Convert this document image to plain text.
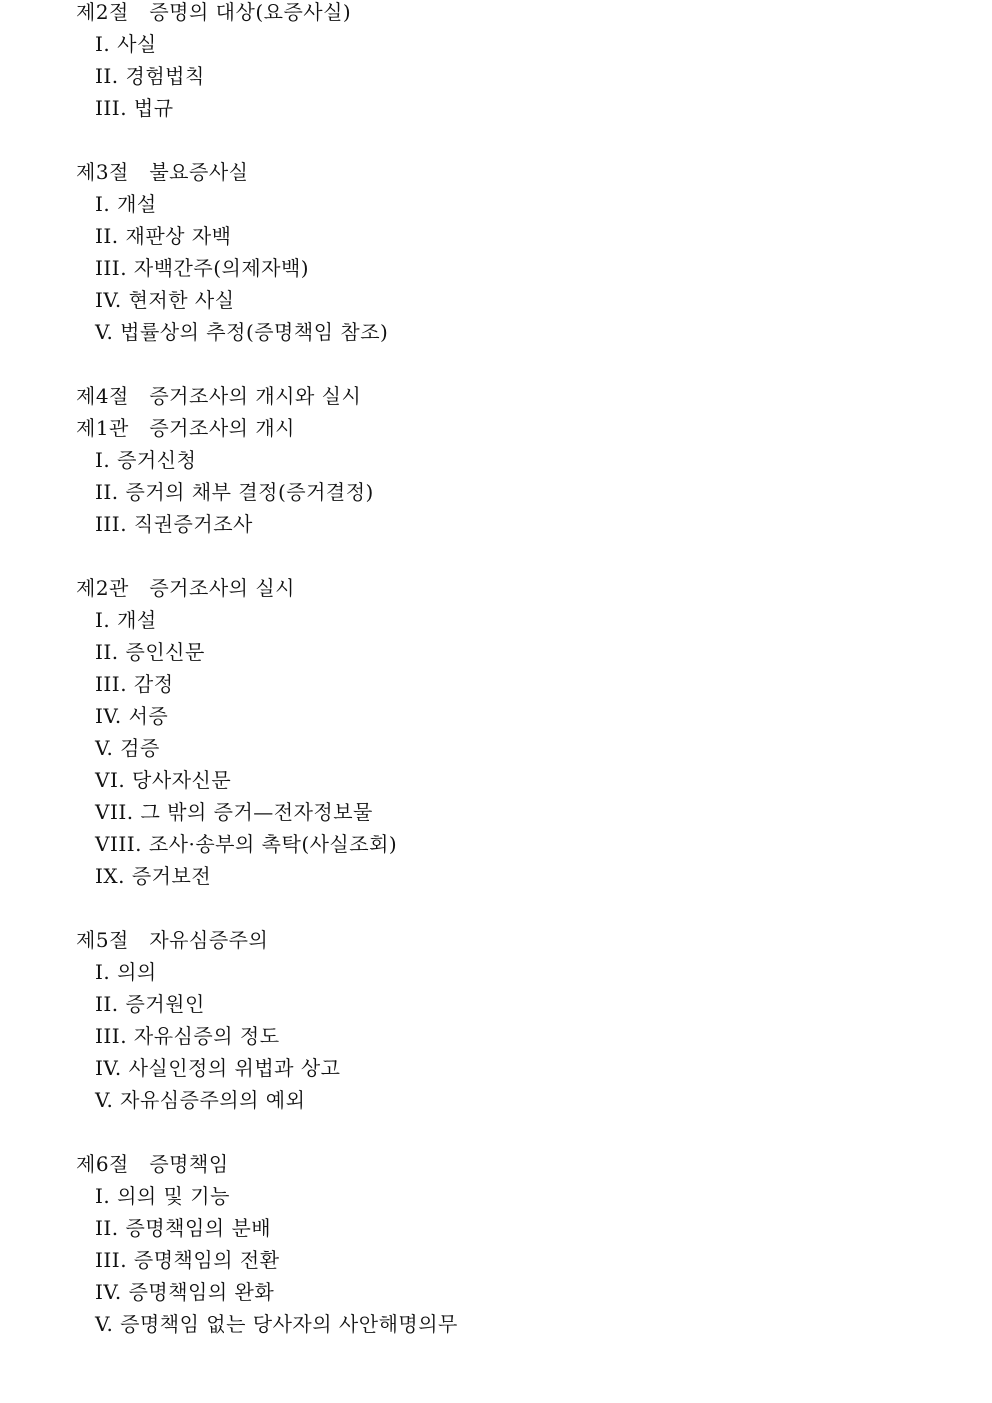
제2절　증명의 대상(요증사실)
I. 사실
II. 경험법칙
III. 법규
제3절　불요증사실
I. 개설
II. 재판상 자백
III. 자백간주(의제자백)
IV. 현저한 사실
V. 법률상의 추정(증명책임 참조)
제4절　증거조사의 개시와 실시
제1관　증거조사의 개시
I. 증거신청
II. 증거의 채부 결정(증거결정)
III. 직권증거조사
제2관　증거조사의 실시
I. 개설
II. 증인신문
III. 감정
IV. 서증
V. 검증
VI. 당사자신문
VII. 그 밖의 증거—전자정보물
VIII. 조사·송부의 촉탁(사실조회)
IX. 증거보전
제5절　자유심증주의
I. 의의
II. 증거원인
III. 자유심증의 정도
IV. 사실인정의 위법과 상고
V. 자유심증주의의 예외
제6절　증명책임
I. 의의 및 기능
II. 증명책임의 분배
III. 증명책임의 전환
IV. 증명책임의 완화
V. 증명책임 없는 당사자의 사안해명의무
